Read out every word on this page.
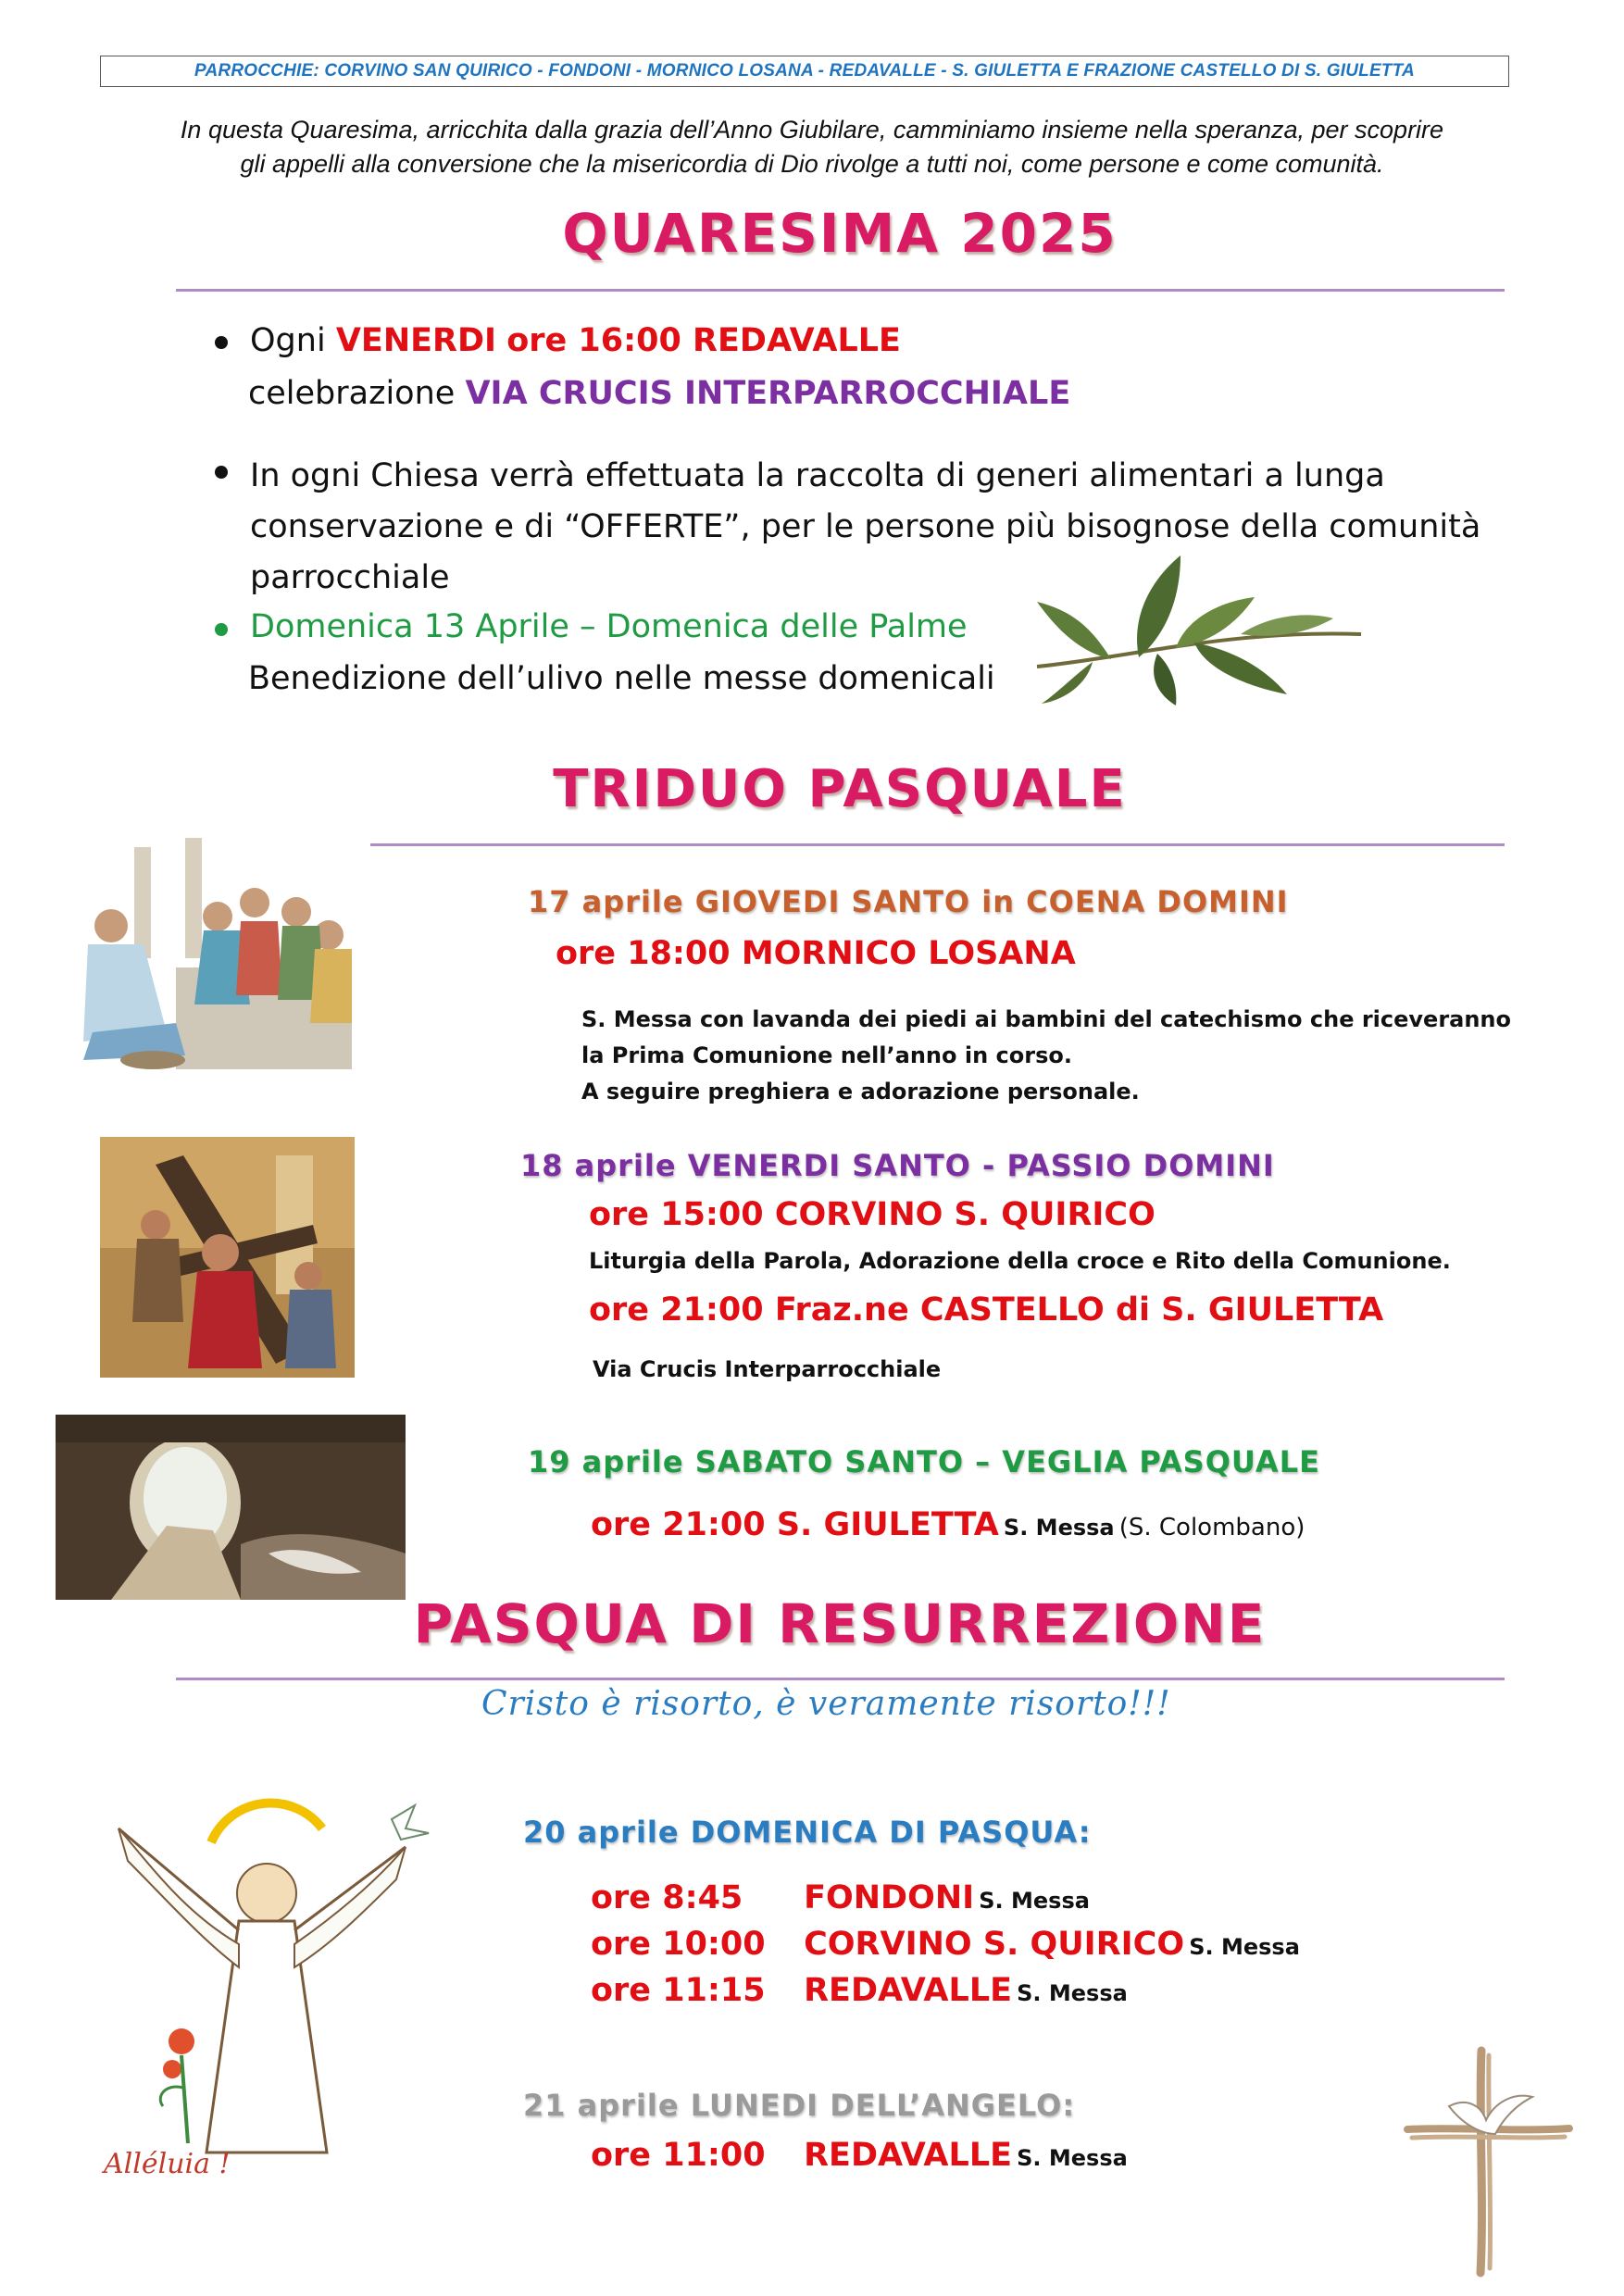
PARROCCHIE: CORVINO SAN QUIRICO - FONDONI - MORNICO LOSANA - REDAVALLE - S. GIULETTA E FRAZIONE CASTELLO DI S. GIULETTA
In questa Quaresima, arricchita dalla grazia dell’Anno Giubilare, camminiamo insieme nella speranza, per scoprire
gli appelli alla conversione che la misericordia di Dio rivolge a tutti noi, come persone e come comunità.
QUARESIMA 2025
Ogni VENERDI ore 16:00 REDAVALLE
celebrazione VIA CRUCIS INTERPARROCCHIALE
In ogni Chiesa verrà effettuata la raccolta di generi alimentari a lunga
conservazione e di “OFFERTE”, per le persone più bisognose della comunità
parrocchiale
Domenica 13 Aprile – Domenica delle Palme
Benedizione dell’ulivo nelle messe domenicali
TRIDUO PASQUALE
17 aprile GIOVEDI SANTO in COENA DOMINI
ore 18:00 MORNICO LOSANA
S. Messa con lavanda dei piedi ai bambini del catechismo che riceveranno
la Prima Comunione nell’anno in corso.
A seguire preghiera e adorazione personale.
18 aprile VENERDI SANTO - PASSIO DOMINI
ore 15:00 CORVINO S. QUIRICO
Liturgia della Parola, Adorazione della croce e Rito della Comunione.
ore 21:00 Fraz.ne CASTELLO di S. GIULETTA
Via Crucis Interparrocchiale
19 aprile SABATO SANTO – VEGLIA PASQUALE
ore 21:00 S. GIULETTA S. Messa (S. Colombano)
PASQUA DI RESURREZIONE
Cristo è risorto, è veramente risorto!!!
Alléluia !
20 aprile DOMENICA DI PASQUA:
ore 8:45 FONDONI S. Messa
ore 10:00 CORVINO S. QUIRICO S. Messa
ore 11:15 REDAVALLE S. Messa
21 aprile LUNEDI DELL’ANGELO:
ore 11:00 REDAVALLE S. Messa
